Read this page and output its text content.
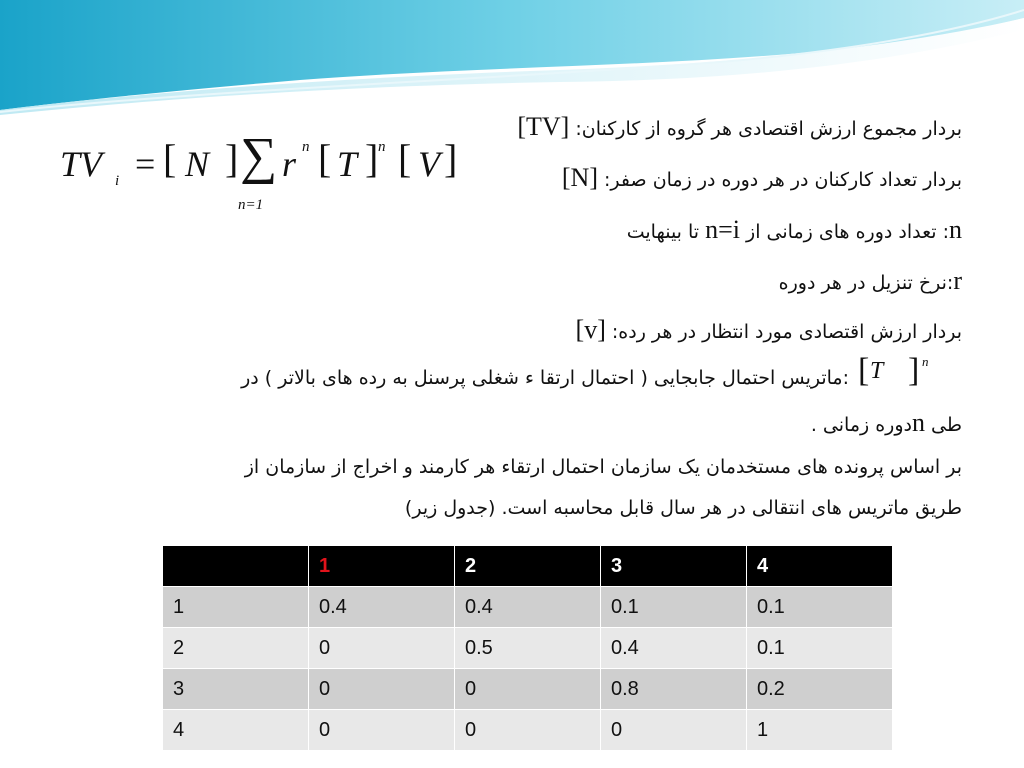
بردار مجموع ارزش اقتصادی هر گروه از کارکنان: [TV]
بردار تعداد کارکنان در هر دوره در زمان صفر: [N]
n: تعداد دوره های زمانی از n=i تا بینهایت
r:نرخ تنزیل در هر دوره
بردار ارزش اقتصادی مورد انتظار در هر رده: [v]
:ماتریس احتمال جابجایی ( احتمال ارتقا ء شغلی پرسنل به رده های بالاتر ) در [ T ] n
طی nدوره زمانی .
بر اساس پرونده های مستخدمان یک سازمان احتمال ارتقاء هر کارمند و اخراج از سازمان از
طریق ماتریس های انتقالی در هر سال قابل محاسبه است. (جدول زیر)
TV i = [ N ] ∑
n=1
r n [ T ] n [ V ]
	1	2	3	4
1	0.4	0.4	0.1	0.1
2	0	0.5	0.4	0.1
3	0	0	0.8	0.2
4	0	0	0	1
